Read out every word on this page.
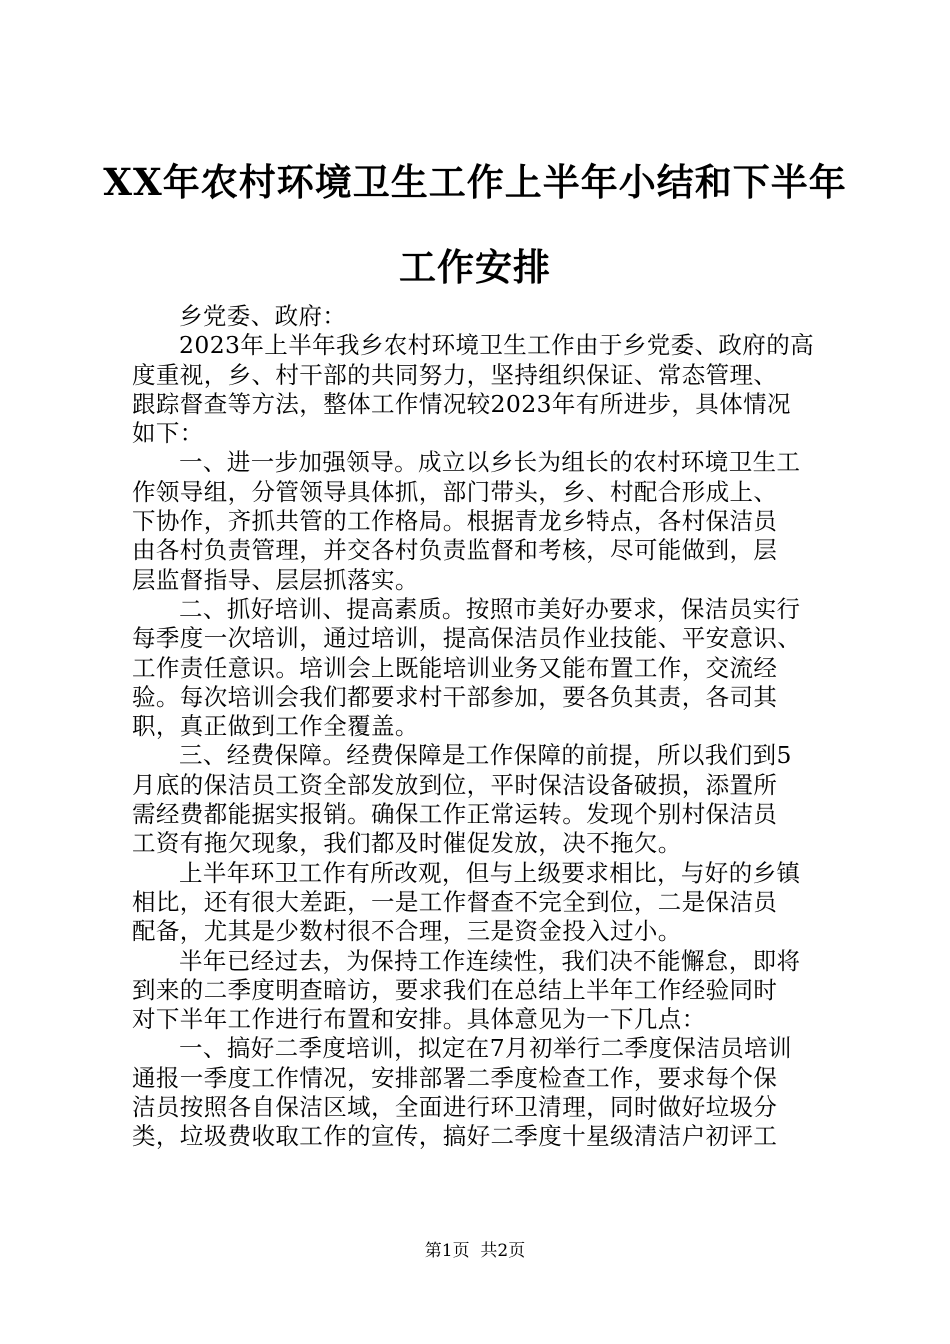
XX年农村环境卫生工作上半年小结和下半年
工作安排
乡党委、政府：
2023年上半年我乡农村环境卫生工作由于乡党委、政府的高
度重视，乡、村干部的共同努力，坚持组织保证、常态管理、
跟踪督查等方法，整体工作情况较2023年有所进步，具体情况
如下：
一、进一步加强领导。成立以乡长为组长的农村环境卫生工
作领导组，分管领导具体抓，部门带头，乡、村配合形成上、
下协作，齐抓共管的工作格局。根据青龙乡特点，各村保洁员
由各村负责管理，并交各村负责监督和考核，尽可能做到，层
层监督指导、层层抓落实。
二、抓好培训、提高素质。按照市美好办要求，保洁员实行
每季度一次培训，通过培训，提高保洁员作业技能、平安意识、
工作责任意识。培训会上既能培训业务又能布置工作，交流经
验。每次培训会我们都要求村干部参加，要各负其责，各司其
职，真正做到工作全覆盖。
三、经费保障。经费保障是工作保障的前提，所以我们到5
月底的保洁员工资全部发放到位，平时保洁设备破损，添置所
需经费都能据实报销。确保工作正常运转。发现个别村保洁员
工资有拖欠现象，我们都及时催促发放，决不拖欠。
上半年环卫工作有所改观，但与上级要求相比，与好的乡镇
相比，还有很大差距，一是工作督查不完全到位，二是保洁员
配备，尤其是少数村很不合理，三是资金投入过小。
半年已经过去，为保持工作连续性，我们决不能懈怠，即将
到来的二季度明查暗访，要求我们在总结上半年工作经验同时
对下半年工作进行布置和安排。具体意见为一下几点：
一、搞好二季度培训，拟定在7月初举行二季度保洁员培训
通报一季度工作情况，安排部署二季度检查工作，要求每个保
洁员按照各自保洁区域，全面进行环卫清理，同时做好垃圾分
类，垃圾费收取工作的宣传，搞好二季度十星级清洁户初评工
第1页  共2页
